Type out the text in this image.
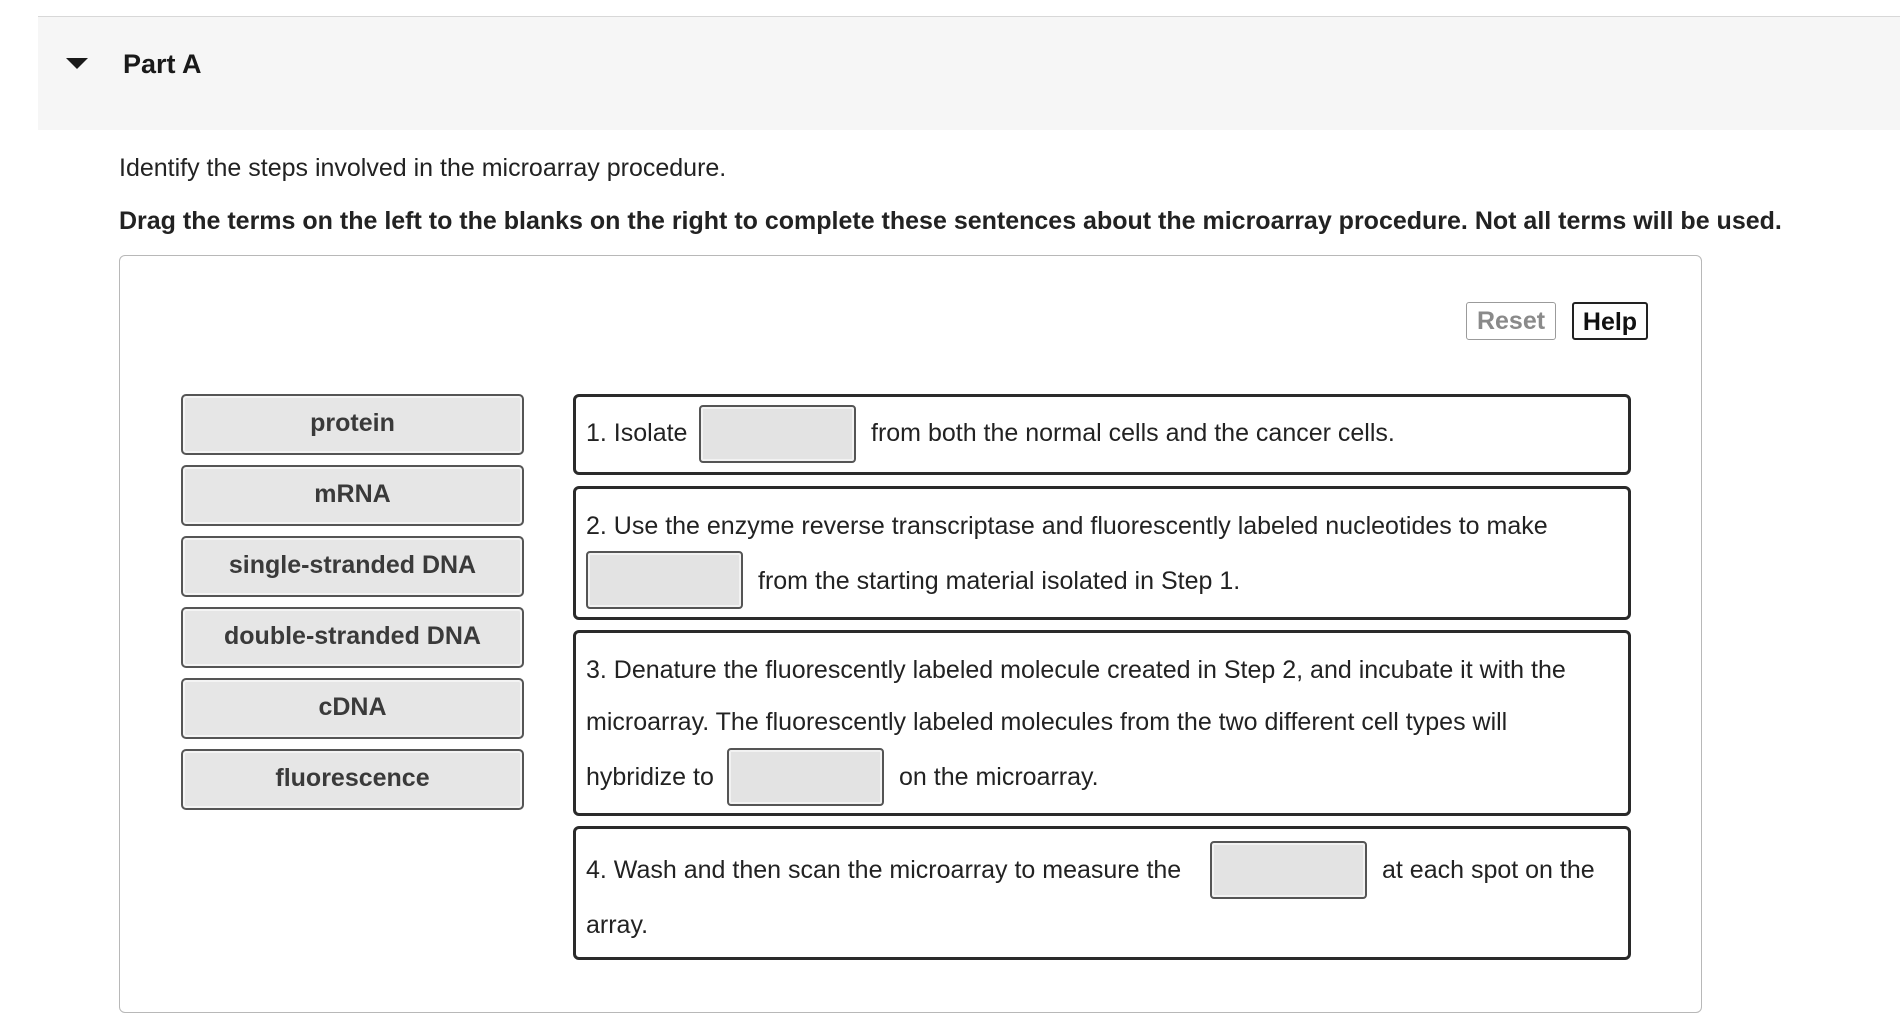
Part A
Identify the steps involved in the microarray procedure.
Drag the terms on the left to the blanks on the right to complete these sentences about the microarray procedure. Not all terms will be used.
Reset	Help
protein
mRNA
single-stranded DNA
double-stranded DNA
cDNA
fluorescence
1. Isolate	from both the normal cells and the cancer cells.
2. Use the enzyme reverse transcriptase and fluorescently labeled nucleotides to make
from the starting material isolated in Step 1.
3. Denature the fluorescently labeled molecule created in Step 2, and incubate it with the
microarray. The fluorescently labeled molecules from the two different cell types will
hybridize to	on the microarray.
4. Wash and then scan the microarray to measure the	at each spot on the
array.
